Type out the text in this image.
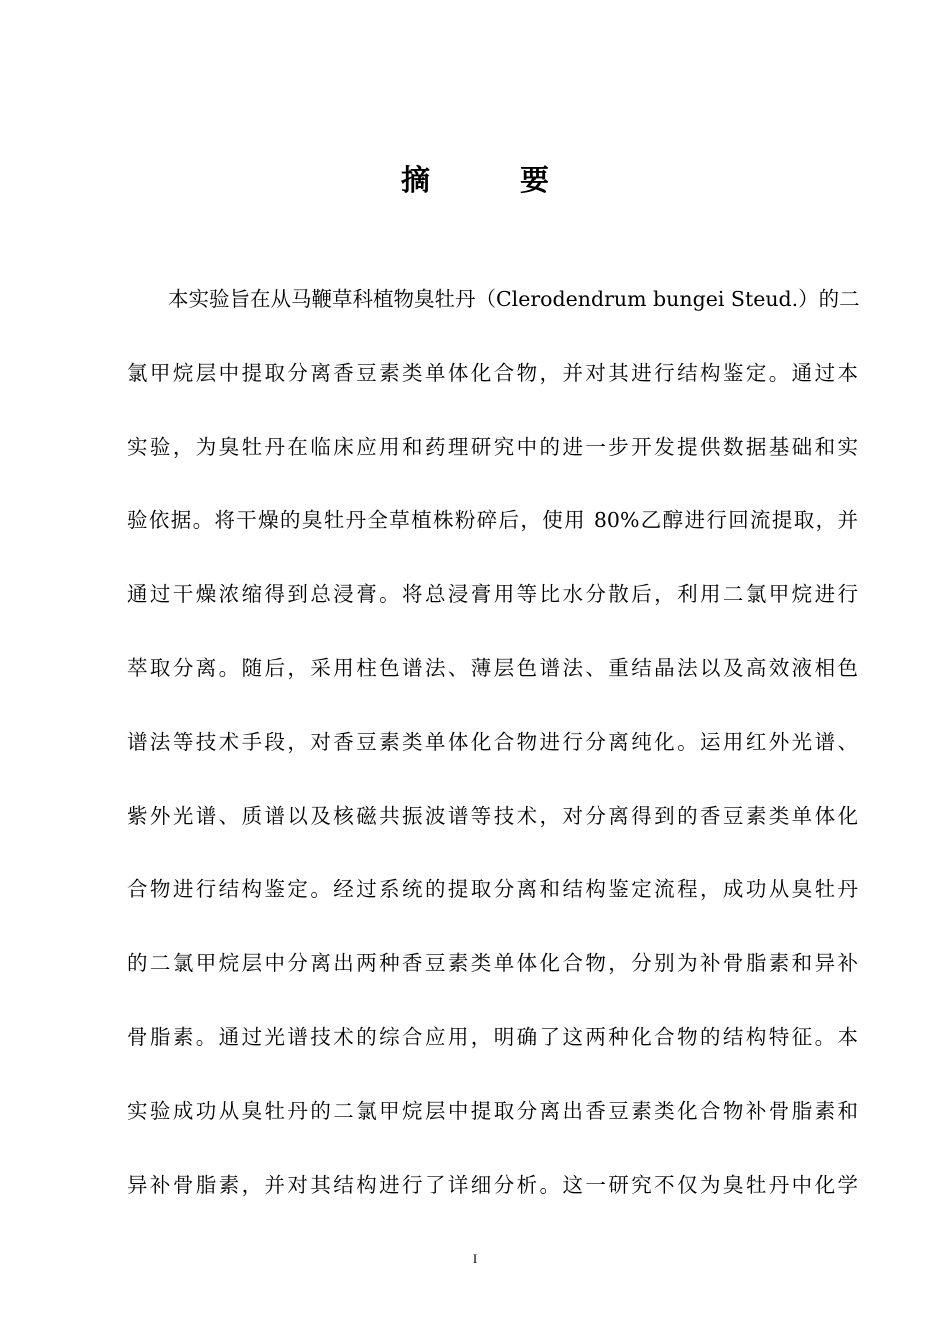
摘 要
本实验旨在从马鞭草科植物臭牡丹（Clerodendrum bungei Steud.）的二
氯甲烷层中提取分离香豆素类单体化合物，并对其进行结构鉴定。通过本
实验，为臭牡丹在临床应用和药理研究中的进一步开发提供数据基础和实
验依据。将干燥的臭牡丹全草植株粉碎后，使用 80%乙醇进行回流提取，并
通过干燥浓缩得到总浸膏。将总浸膏用等比水分散后，利用二氯甲烷进行
萃取分离。随后，采用柱色谱法、薄层色谱法、重结晶法以及高效液相色
谱法等技术手段，对香豆素类单体化合物进行分离纯化。运用红外光谱、
紫外光谱、质谱以及核磁共振波谱等技术，对分离得到的香豆素类单体化
合物进行结构鉴定。经过系统的提取分离和结构鉴定流程，成功从臭牡丹
的二氯甲烷层中分离出两种香豆素类单体化合物，分别为补骨脂素和异补
骨脂素。通过光谱技术的综合应用，明确了这两种化合物的结构特征。本
实验成功从臭牡丹的二氯甲烷层中提取分离出香豆素类化合物补骨脂素和
异补骨脂素，并对其结构进行了详细分析。这一研究不仅为臭牡丹中化学
I
